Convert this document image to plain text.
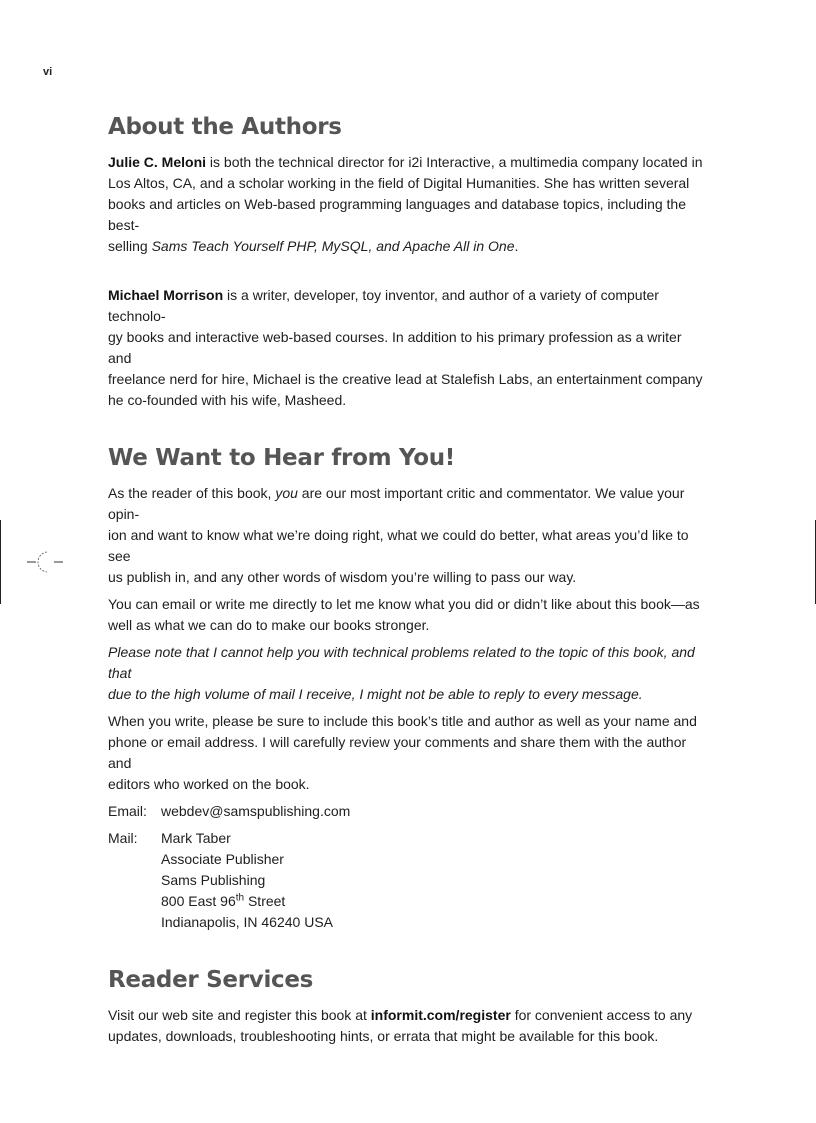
vi
About the Authors

Julie C. Meloni is both the technical director for i2i Interactive, a multimedia company located in
Los Altos, CA, and a scholar working in the field of Digital Humanities. She has written several
books and articles on Web-based programming languages and database topics, including the best-
selling Sams Teach Yourself PHP, MySQL, and Apache All in One.

Michael Morrison is a writer, developer, toy inventor, and author of a variety of computer technolo-
gy books and interactive web-based courses. In addition to his primary profession as a writer and
freelance nerd for hire, Michael is the creative lead at Stalefish Labs, an entertainment company
he co-founded with his wife, Masheed.

We Want to Hear from You!

As the reader of this book, you are our most important critic and commentator. We value your opin-
ion and want to know what we’re doing right, what we could do better, what areas you’d like to see
us publish in, and any other words of wisdom you’re willing to pass our way.

You can email or write me directly to let me know what you did or didn’t like about this book—as
well as what we can do to make our books stronger.

Please note that I cannot help you with technical problems related to the topic of this book, and that
due to the high volume of mail I receive, I might not be able to reply to every message.

When you write, please be sure to include this book’s title and author as well as your name and
phone or email address. I will carefully review your comments and share them with the author and
editors who worked on the book.

Email:	webdev@samspublishing.com
Mail:	Mark Taber
Associate Publisher
Sams Publishing
800 East 96th Street
Indianapolis, IN 46240 USA
Reader Services

Visit our web site and register this book at informit.com/register for convenient access to any
updates, downloads, troubleshooting hints, or errata that might be available for this book.
